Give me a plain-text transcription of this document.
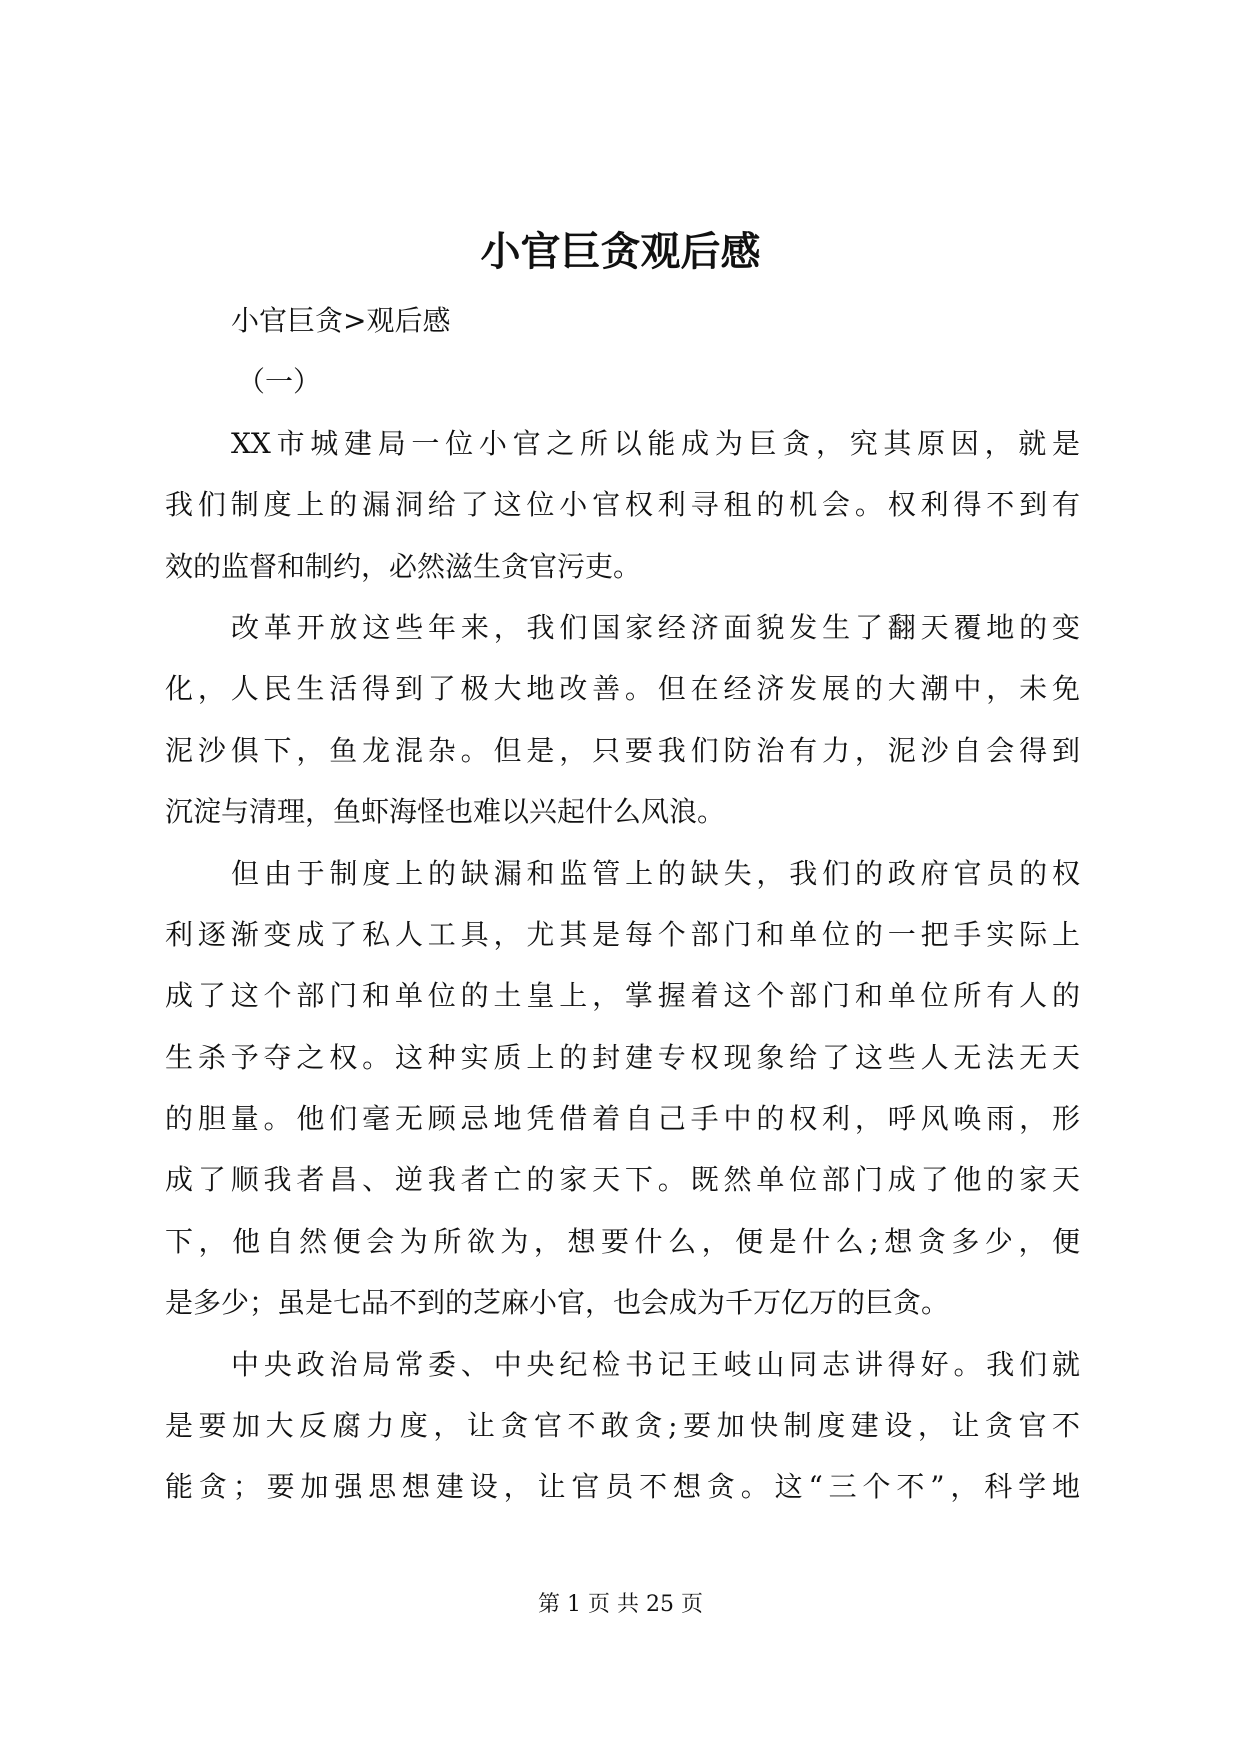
小官巨贪观后感

小官巨贪>观后感

（一）

XX市城建局一位小官之所以能成为巨贪，究其原因，就是

我们制度上的漏洞给了这位小官权利寻租的机会。权利得不到有

效的监督和制约，必然滋生贪官污吏。

改革开放这些年来，我们国家经济面貌发生了翻天覆地的变

化，人民生活得到了极大地改善。但在经济发展的大潮中，未免

泥沙俱下，鱼龙混杂。但是，只要我们防治有力，泥沙自会得到

沉淀与清理，鱼虾海怪也难以兴起什么风浪。

但由于制度上的缺漏和监管上的缺失，我们的政府官员的权

利逐渐变成了私人工具，尤其是每个部门和单位的一把手实际上

成了这个部门和单位的土皇上，掌握着这个部门和单位所有人的

生杀予夺之权。这种实质上的封建专权现象给了这些人无法无天

的胆量。他们毫无顾忌地凭借着自己手中的权利，呼风唤雨，形

成了顺我者昌、逆我者亡的家天下。既然单位部门成了他的家天

下，他自然便会为所欲为，想要什么，便是什么;想贪多少，便

是多少；虽是七品不到的芝麻小官，也会成为千万亿万的巨贪。

中央政治局常委、中央纪检书记王岐山同志讲得好。我们就

是要加大反腐力度，让贪官不敢贪;要加快制度建设，让贪官不

能贪；要加强思想建设，让官员不想贪。这“三个不”，科学地

第 1 页 共 25 页
